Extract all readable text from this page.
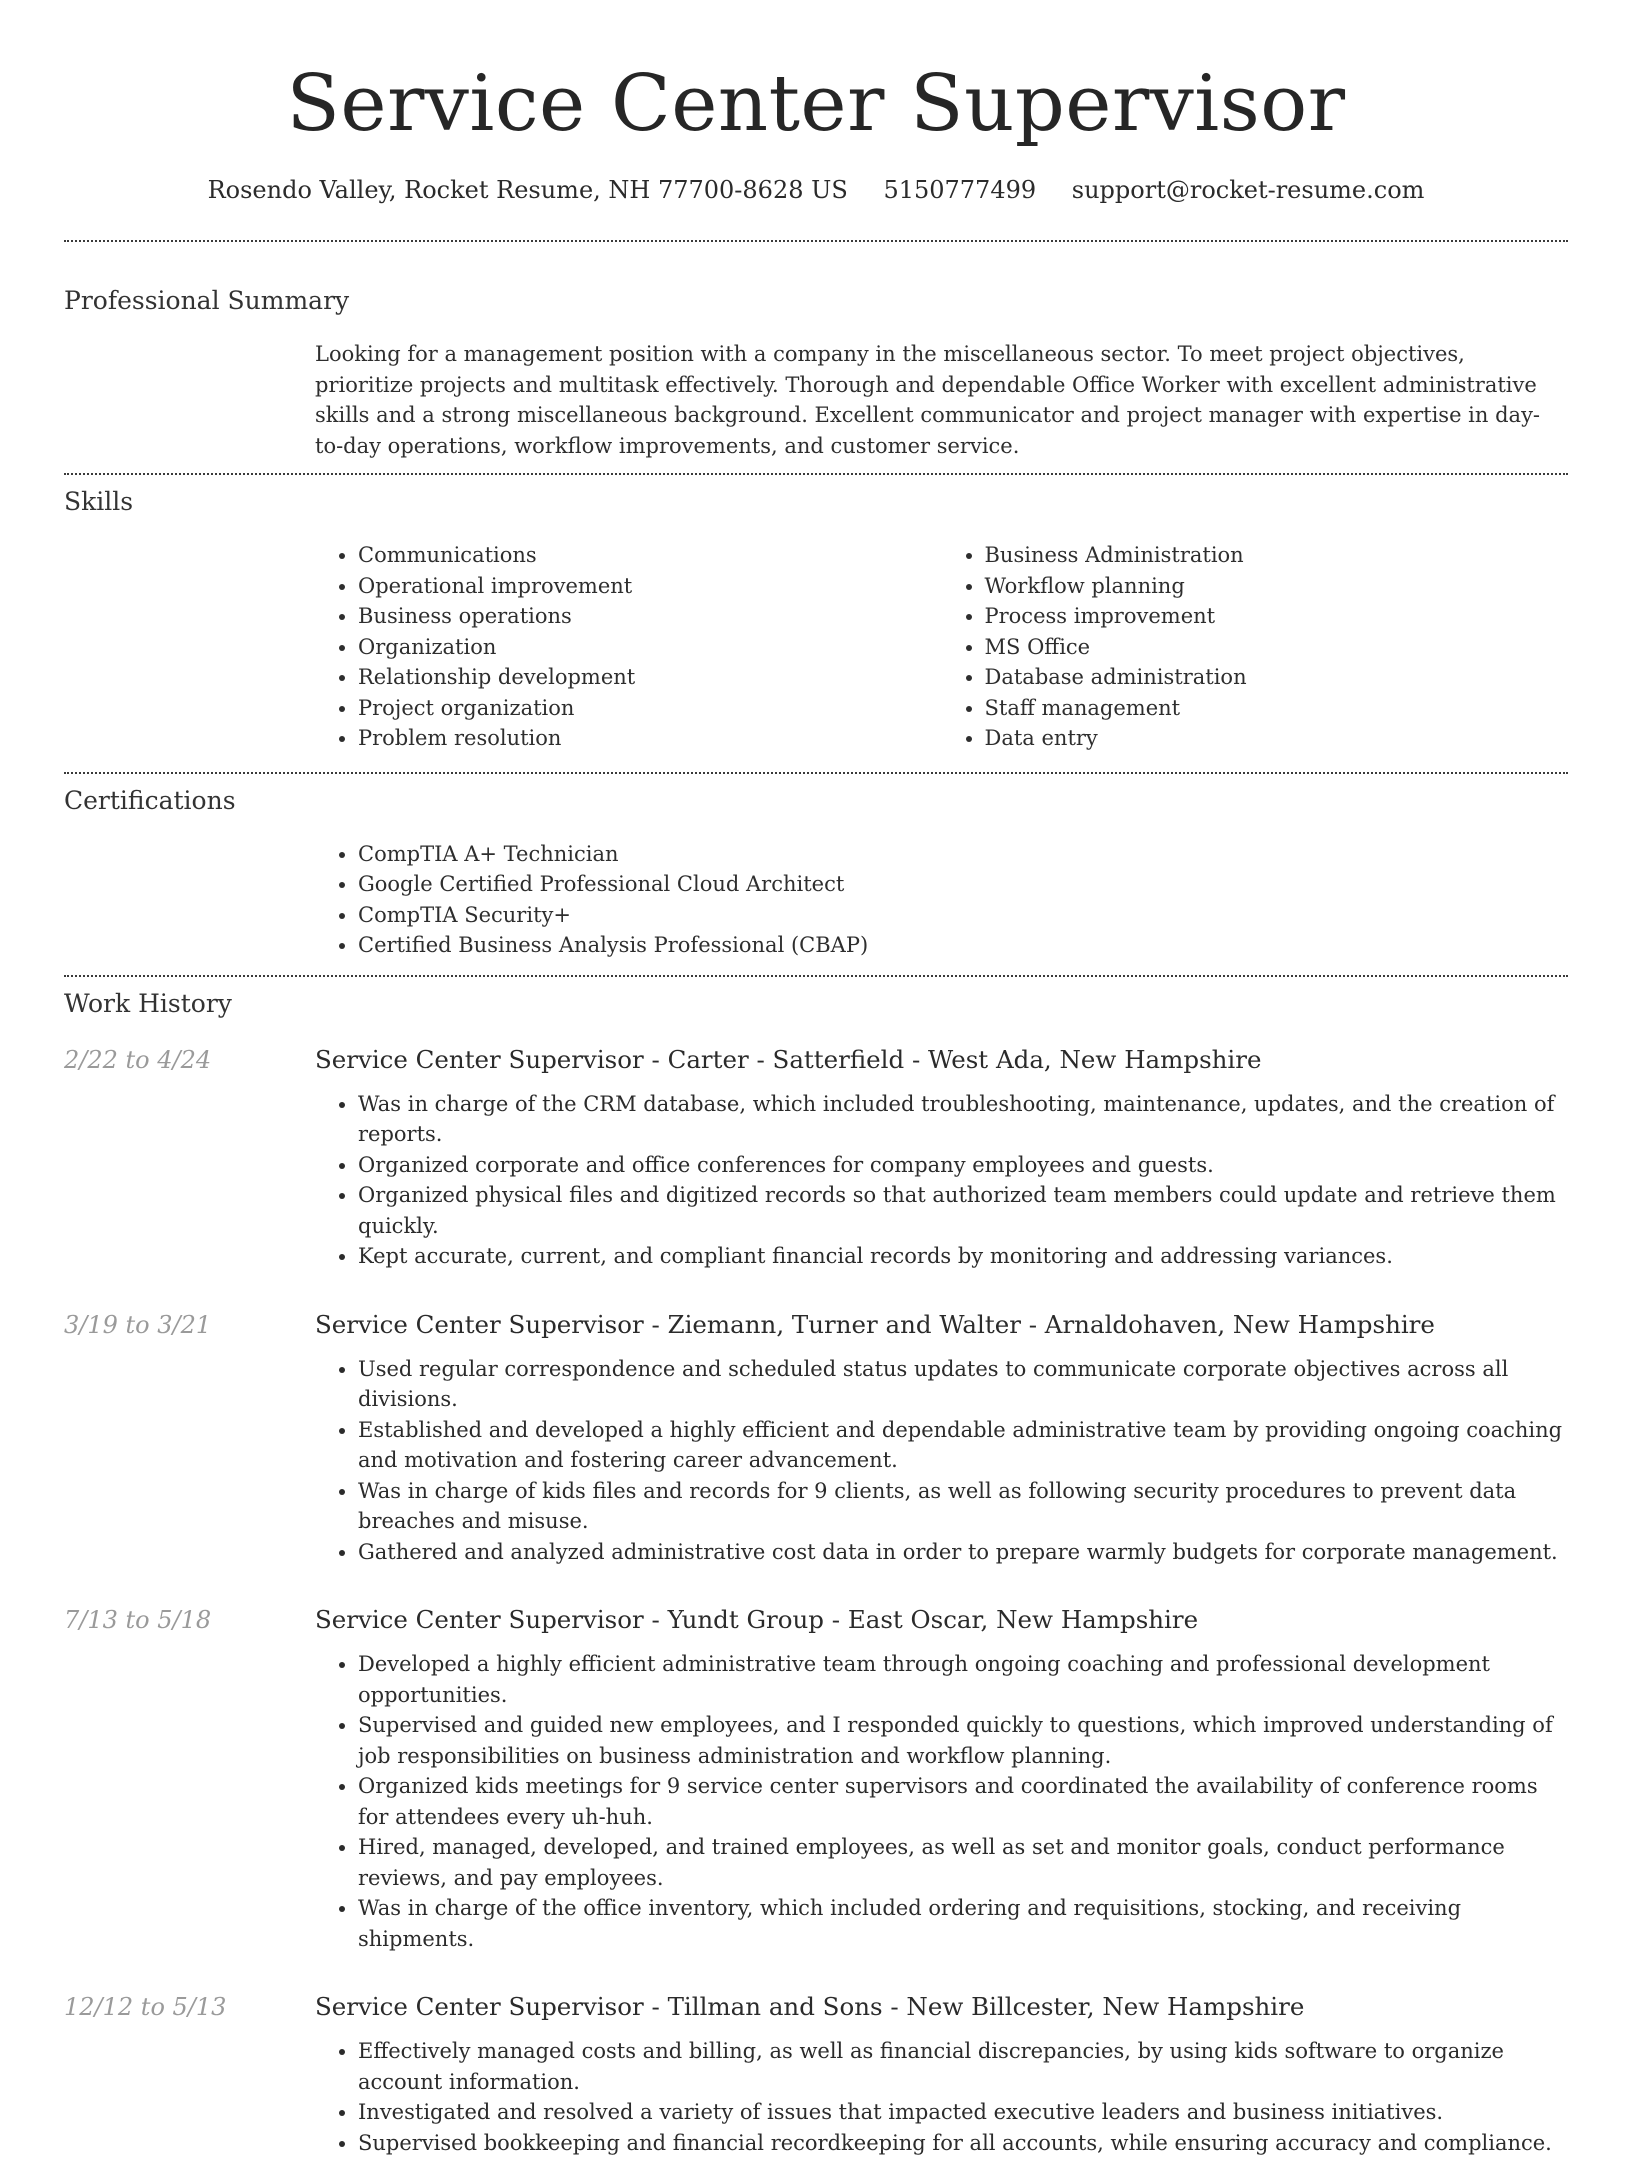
Service Center Supervisor
Rosendo Valley, Rocket Resume, NH 77700-8628 US 5150777499 support@rocket-resume.com
Professional Summary

Looking for a management position with a company in the miscellaneous sector. To meet project objectives, prioritize projects and multitask effectively. Thorough and dependable Office Worker with excellent administrative skills and a strong miscellaneous background. Excellent communicator and project manager with expertise in day-to-day operations, workflow improvements, and customer service.

Skills
• Communications
• Operational improvement
• Business operations
• Organization
• Relationship development
• Project organization
• Problem resolution
• Business Administration
• Workflow planning
• Process improvement
• MS Office
• Database administration
• Staff management
• Data entry
Certifications
• CompTIA A+ Technician
• Google Certified Professional Cloud Architect
• CompTIA Security+
• Certified Business Analysis Professional (CBAP)
Work History
2/22 to 4/24	Service Center Supervisor - Carter - Satterfield - West Ada, New Hampshire
• Was in charge of the CRM database, which included troubleshooting, maintenance, updates, and the creation of reports.
• Organized corporate and office conferences for company employees and guests.
• Organized physical files and digitized records so that authorized team members could update and retrieve them quickly.
• Kept accurate, current, and compliant financial records by monitoring and addressing variances.
3/19 to 3/21	Service Center Supervisor - Ziemann, Turner and Walter - Arnaldohaven, New Hampshire
• Used regular correspondence and scheduled status updates to communicate corporate objectives across all divisions.
• Established and developed a highly efficient and dependable administrative team by providing ongoing coaching and motivation and fostering career advancement.
• Was in charge of kids files and records for 9 clients, as well as following security procedures to prevent data breaches and misuse.
• Gathered and analyzed administrative cost data in order to prepare warmly budgets for corporate management.
7/13 to 5/18	Service Center Supervisor - Yundt Group - East Oscar, New Hampshire
• Developed a highly efficient administrative team through ongoing coaching and professional development opportunities.
• Supervised and guided new employees, and I responded quickly to questions, which improved understanding of job responsibilities on business administration and workflow planning.
• Organized kids meetings for 9 service center supervisors and coordinated the availability of conference rooms for attendees every uh-huh.
• Hired, managed, developed, and trained employees, as well as set and monitor goals, conduct performance reviews, and pay employees.
• Was in charge of the office inventory, which included ordering and requisitions, stocking, and receiving shipments.
12/12 to 5/13	Service Center Supervisor - Tillman and Sons - New Billcester, New Hampshire
• Effectively managed costs and billing, as well as financial discrepancies, by using kids software to organize account information.
• Investigated and resolved a variety of issues that impacted executive leaders and business initiatives.
• Supervised bookkeeping and financial recordkeeping for all accounts, while ensuring accuracy and compliance.
